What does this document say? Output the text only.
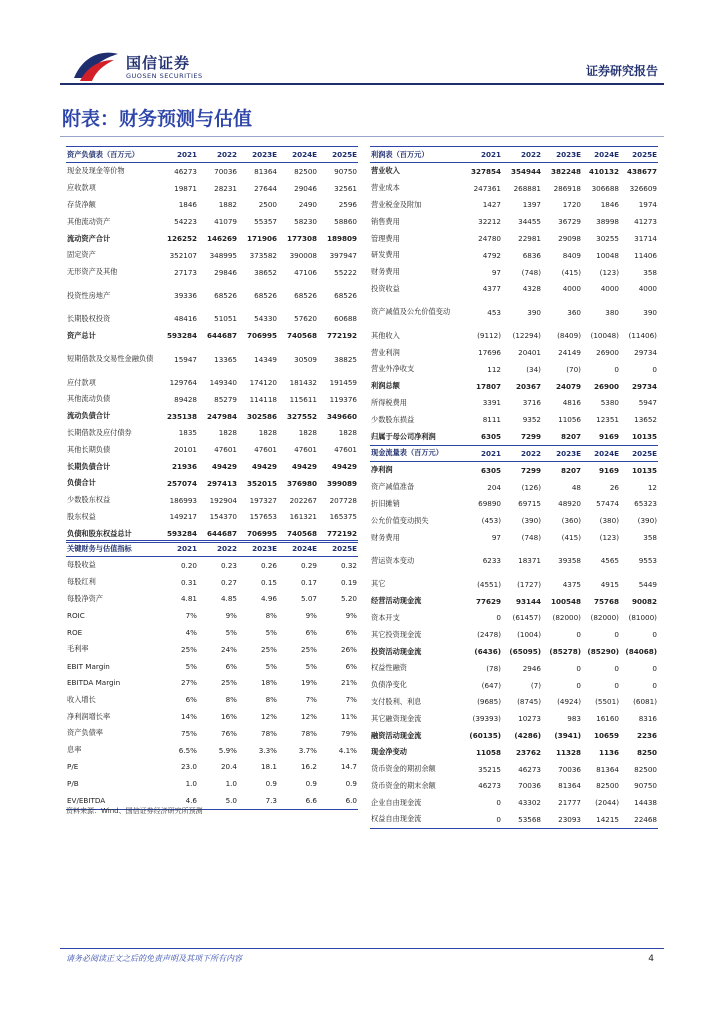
国信证券
GUOSEN SECURITIES	证券研究报告
附表：财务预测与估值
资产负债表（百万元）	2021	2022	2023E	2024E	2025E
现金及现金等价物	46273	70036	81364	82500	90750
应收款项	19871	28231	27644	29046	32561
存货净额	1846	1882	2500	2490	2596
其他流动资产	54223	41079	55357	58230	58860
流动资产合计	126252	146269	171906	177308	189809
固定资产	352107	348995	373582	390008	397947
无形资产及其他	27173	29846	38652	47106	55222
投资性房地产	39336	68526	68526	68526	68526
长期股权投资	48416	51051	54330	57620	60688
资产总计	593284	644687	706995	740568	772192
短期借款及交易性金融负债	15947	13365	14349	30509	38825
应付款项	129764	149340	174120	181432	191459
其他流动负债	89428	85279	114118	115611	119376
流动负债合计	235138	247984	302586	327552	349660
长期借款及应付债券	1835	1828	1828	1828	1828
其他长期负债	20101	47601	47601	47601	47601
长期负债合计	21936	49429	49429	49429	49429
负债合计	257074	297413	352015	376980	399089
少数股东权益	186993	192904	197327	202267	207728
股东权益	149217	154370	157653	161321	165375
负债和股东权益总计	593284	644687	706995	740568	772192
关键财务与估值指标	2021	2022	2023E	2024E	2025E
每股收益	0.20	0.23	0.26	0.29	0.32
每股红利	0.31	0.27	0.15	0.17	0.19
每股净资产	4.81	4.85	4.96	5.07	5.20
ROIC	7%	9%	8%	9%	9%
ROE	4%	5%	5%	6%	6%
毛利率	25%	24%	25%	25%	26%
EBIT Margin	5%	6%	5%	5%	6%
EBITDA Margin	27%	25%	18%	19%	21%
收入增长	6%	8%	8%	7%	7%
净利润增长率	14%	16%	12%	12%	11%
资产负债率	75%	76%	78%	78%	79%
息率	6.5%	5.9%	3.3%	3.7%	4.1%
P/E	23.0	20.4	18.1	16.2	14.7
P/B	1.0	1.0	0.9	0.9	0.9
EV/EBITDA	4.6	5.0	7.3	6.6	6.0
利润表（百万元）	2021	2022	2023E	2024E	2025E
营业收入	327854	354944	382248	410132	438677
营业成本	247361	268881	286918	306688	326609
营业税金及附加	1427	1397	1720	1846	1974
销售费用	32212	34455	36729	38998	41273
管理费用	24780	22981	29098	30255	31714
研发费用	4792	6836	8409	10048	11406
财务费用	97	(748)	(415)	(123)	358
投资收益	4377	4328	4000	4000	4000
资产减值及公允价值变动	453	390	360	380	390
其他收入	(9112)	(12294)	(8409)	(10048)	(11406)
营业利润	17696	20401	24149	26900	29734
营业外净收支	112	(34)	(70)	0	0
利润总额	17807	20367	24079	26900	29734
所得税费用	3391	3716	4816	5380	5947
少数股东损益	8111	9352	11056	12351	13652
归属于母公司净利润	6305	7299	8207	9169	10135
现金流量表（百万元）	2021	2022	2023E	2024E	2025E
净利润	6305	7299	8207	9169	10135
资产减值准备	204	(126)	48	26	12
折旧摊销	69890	69715	48920	57474	65323
公允价值变动损失	(453)	(390)	(360)	(380)	(390)
财务费用	97	(748)	(415)	(123)	358
营运资本变动	6233	18371	39358	4565	9553
其它	(4551)	(1727)	4375	4915	5449
经营活动现金流	77629	93144	100548	75768	90082
资本开支	0	(61457)	(82000)	(82000)	(81000)
其它投资现金流	(2478)	(1004)	0	0	0
投资活动现金流	(6436)	(65095)	(85278)	(85290)	(84068)
权益性融资	(78)	2946	0	0	0
负债净变化	(647)	(7)	0	0	0
支付股利、利息	(9685)	(8745)	(4924)	(5501)	(6081)
其它融资现金流	(39393)	10273	983	16160	8316
融资活动现金流	(60135)	(4286)	(3941)	10659	2236
现金净变动	11058	23762	11328	1136	8250
货币资金的期初余额	35215	46273	70036	81364	82500
货币资金的期末余额	46273	70036	81364	82500	90750
企业自由现金流	0	43302	21777	(2044)	14438
权益自由现金流	0	53568	23093	14215	22468
资料来源：Wind、国信证券经济研究所预测
请务必阅读正文之后的免责声明及其项下所有内容	4
